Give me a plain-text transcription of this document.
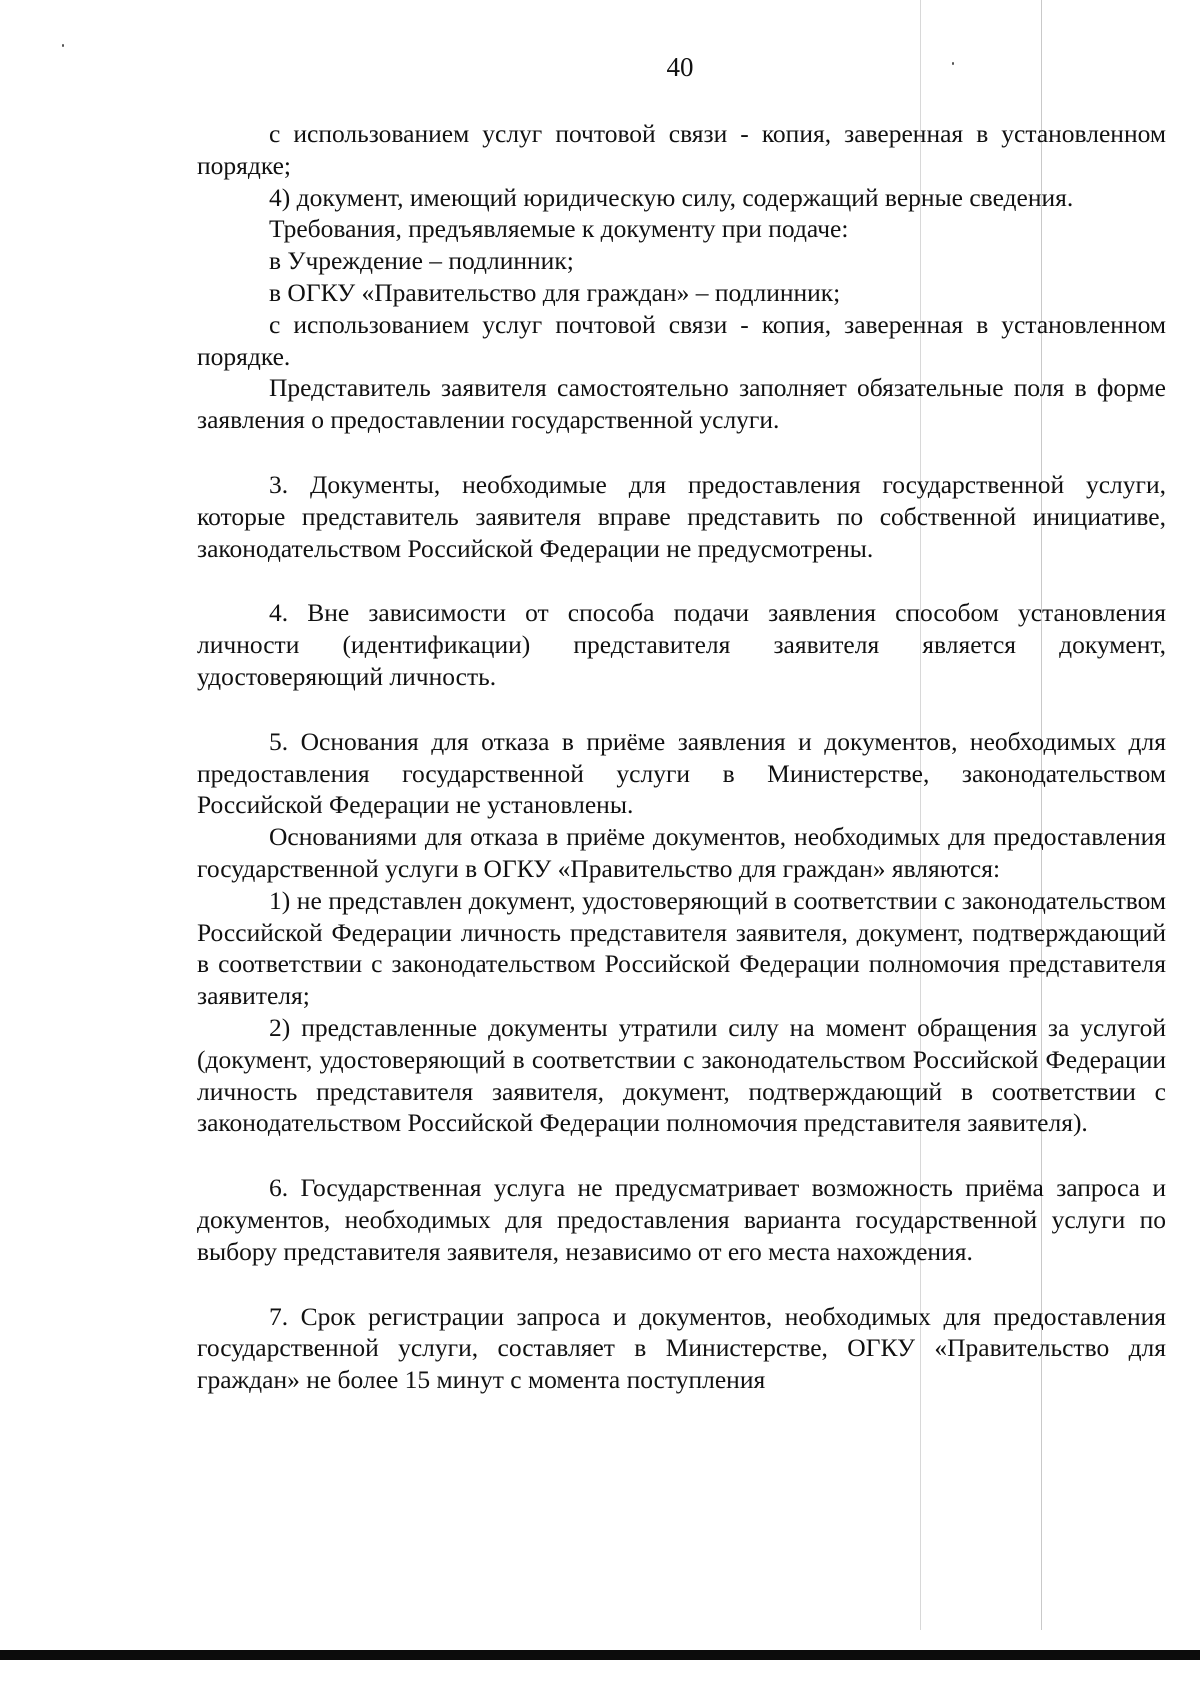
40

с использованием услуг почтовой связи - копия, заверенная в установленном порядке;

4) документ, имеющий юридическую силу, содержащий верные сведения.

Требования, предъявляемые к документу при подаче:

в Учреждение – подлинник;

в ОГКУ «Правительство для граждан» – подлинник;

с использованием услуг почтовой связи - копия, заверенная в установленном порядке.

Представитель заявителя самостоятельно заполняет обязательные поля в форме заявления о предоставлении государственной услуги.

3. Документы, необходимые для предоставления государственной услуги, которые представитель заявителя вправе представить по собственной инициативе, законодательством Российской Федерации не предусмотрены.

4. Вне зависимости от способа подачи заявления способом установления личности (идентификации) представителя заявителя является документ, удостоверяющий личность.

5. Основания для отказа в приёме заявления и документов, необходимых для предоставления государственной услуги в Министерстве, законодательством Российской Федерации не установлены.

Основаниями для отказа в приёме документов, необходимых для предоставления государственной услуги в ОГКУ «Правительство для граждан» являются:

1) не представлен документ, удостоверяющий в соответствии с законодательством Российской Федерации личность представителя заявителя, документ, подтверждающий в соответствии с законодательством Российской Федерации полномочия представителя заявителя;

2) представленные документы утратили силу на момент обращения за услугой (документ, удостоверяющий в соответствии с законодательством Российской Федерации личность представителя заявителя, документ, подтверждающий в соответствии с законодательством Российской Федерации полномочия представителя заявителя).

6. Государственная услуга не предусматривает возможность приёма запроса и документов, необходимых для предоставления варианта государственной услуги по выбору представителя заявителя, независимо от его места нахождения.

7. Срок регистрации запроса и документов, необходимых для предоставления государственной услуги, составляет в Министерстве, ОГКУ «Правительство для граждан» не более 15 минут с момента поступления
